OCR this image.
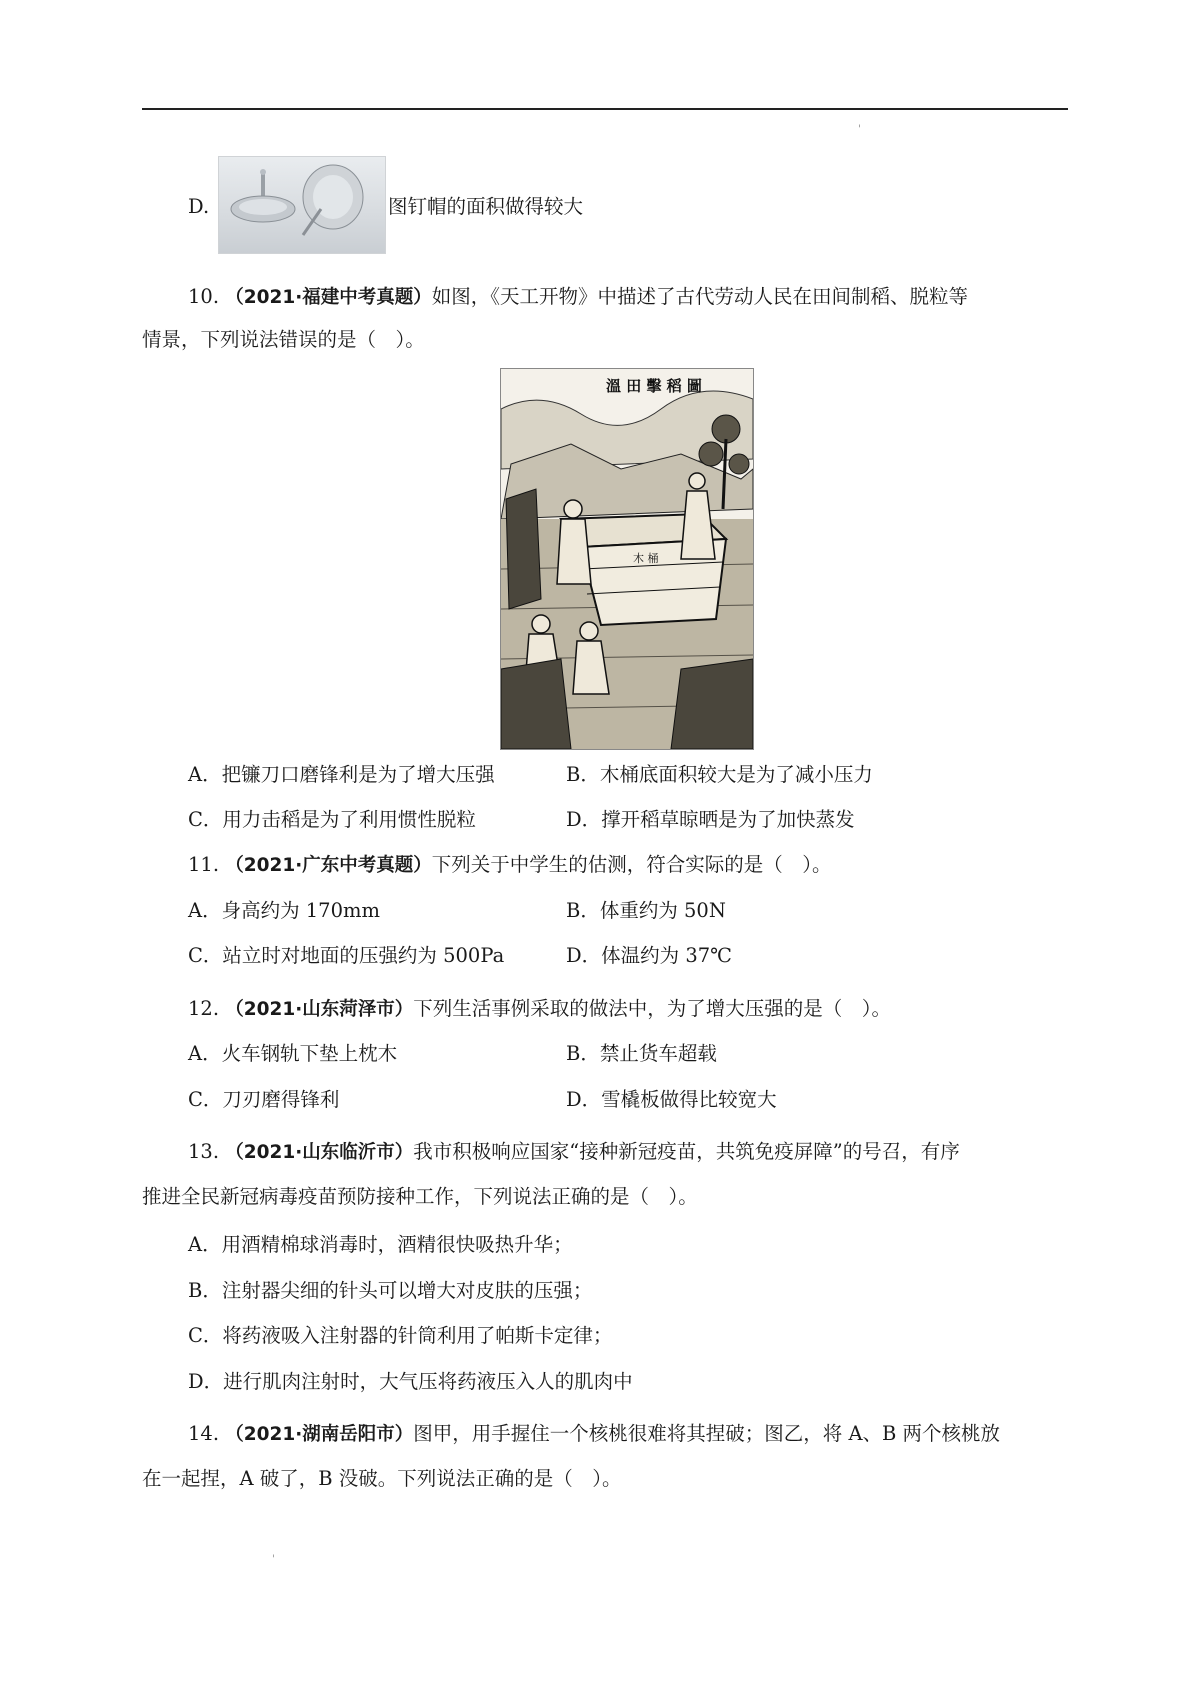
'
D.	图钉帽的面积做得较大
10. （2021·福建中考真题）如图，《天工开物》中描述了古代劳动人民在田间制稻、脱粒等
情景，下列说法错误的是（　）。
溫 田 擊 稻 圖
木 桶
A．把镰刀口磨锋利是为了增大压强	B．木桶底面积较大是为了减小压力
C．用力击稻是为了利用惯性脱粒	D．撑开稻草晾晒是为了加快蒸发
11. （2021·广东中考真题）下列关于中学生的估测，符合实际的是（　）。
A．身高约为 170mm	B．体重约为 50N
C．站立时对地面的压强约为 500Pa	D．体温约为 37℃
12. （2021·山东菏泽市）下列生活事例采取的做法中，为了增大压强的是（　）。
A．火车钢轨下垫上枕木	B．禁止货车超载
C．刀刃磨得锋利	D．雪橇板做得比较宽大
13. （2021·山东临沂市）我市积极响应国家“接种新冠疫苗，共筑免疫屏障”的号召，有序
推进全民新冠病毒疫苗预防接种工作，下列说法正确的是（　）。
A．用酒精棉球消毒时，酒精很快吸热升华；
B．注射器尖细的针头可以增大对皮肤的压强；
C．将药液吸入注射器的针筒利用了帕斯卡定律；
D．进行肌肉注射时，大气压将药液压入人的肌肉中
14. （2021·湖南岳阳市）图甲，用手握住一个核桃很难将其捏破；图乙，将 A、B 两个核桃放
在一起捏，A 破了，B 没破。下列说法正确的是（　）。
'
